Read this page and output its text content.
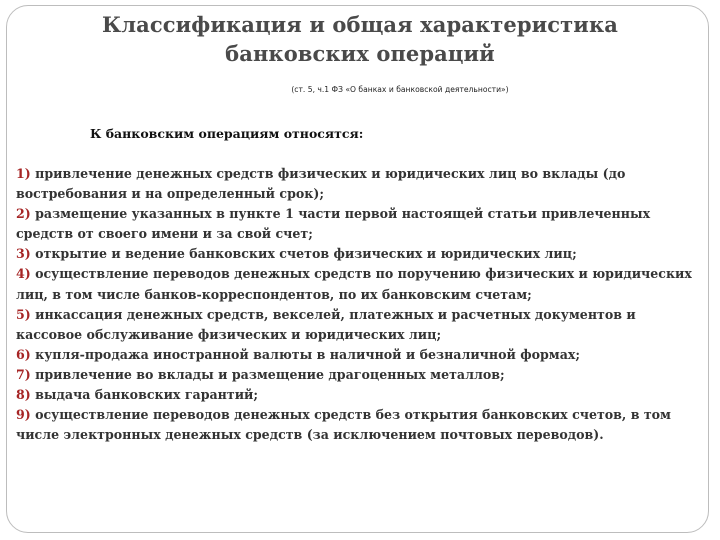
Классификация и общая характеристика
банковских операций
(ст. 5, ч.1 ФЗ «О банках и банковской деятельности»)
К банковским операциям относятся:
1) привлечение денежных средств физических и юридических лиц во вклады (до востребования и на определенный срок);
2) размещение указанных в пункте 1 части первой настоящей статьи привлеченных средств от своего имени и за свой счет;
3) открытие и ведение банковских счетов физических и юридических лиц;
4) осуществление переводов денежных средств по поручению физических и юридических лиц, в том числе банков-корреспондентов, по их банковским счетам;
5) инкассация денежных средств, векселей, платежных и расчетных документов и кассовое обслуживание физических и юридических лиц;
6) купля-продажа иностранной валюты в наличной и безналичной формах;
7) привлечение во вклады и размещение драгоценных металлов;
8) выдача банковских гарантий;
9) осуществление переводов денежных средств без открытия банковских счетов, в том числе электронных денежных средств (за исключением почтовых переводов).
